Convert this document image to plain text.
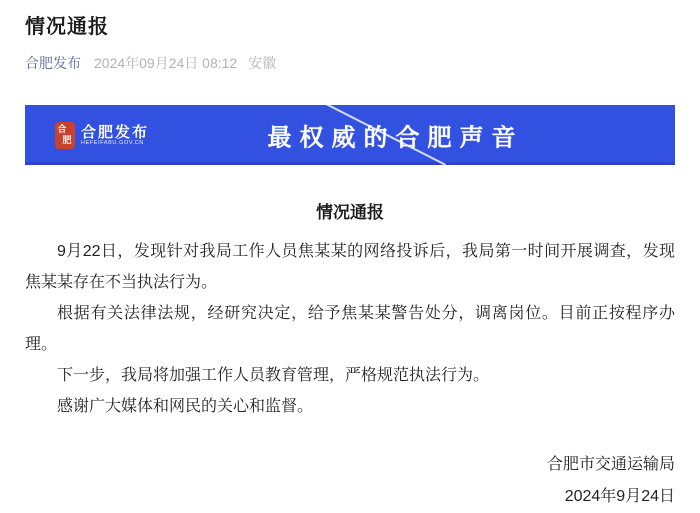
情况通报
合肥发布 2024年09月24日 08:12 安徽
合
肥 合肥发布
HEFEIFABU.GOV.CN	最权威的合肥声音
情况通报

9月22日，发现针对我局工作人员焦某某的网络投诉后，我局第一时间开展调查，发现焦某某存在不当执法行为。

根据有关法律法规，经研究决定，给予焦某某警告处分，调离岗位。目前正按程序办理。

下一步，我局将加强工作人员教育管理，严格规范执法行为。

感谢广大媒体和网民的关心和监督。

合肥市交通运输局
2024年9月24日
